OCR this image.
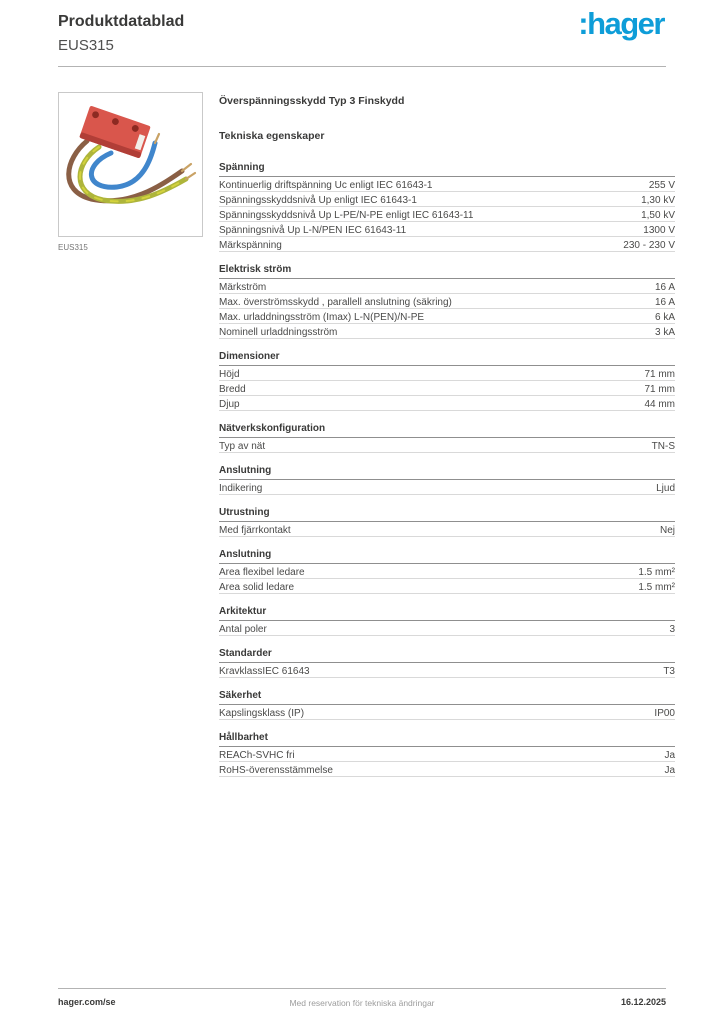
Produktdatablad
EUS315
:hager
EUS315
Överspänningsskydd Typ 3 Finskydd
Tekniska egenskaper
Spänning
Kontinuerlig driftspänning Uc enligt IEC 61643-1	255 V
Spänningsskyddsnivå Up enligt IEC 61643-1	1,30 kV
Spänningsskyddsnivå Up L-PE/N-PE enligt IEC 61643-11	1,50 kV
Spänningsnivå Up L-N/PEN IEC 61643-11	1300 V
Märkspänning	230 - 230 V
Elektrisk ström
Märkström	16 A
Max. överströmsskydd , parallell anslutning (säkring)	16 A
Max. urladdningsström (Imax) L-N(PEN)/N-PE	6 kA
Nominell urladdningsström	3 kA
Dimensioner
Höjd	71 mm
Bredd	71 mm
Djup	44 mm
Nätverkskonfiguration
Typ av nät	TN-S
Anslutning
Indikering	Ljud
Utrustning
Med fjärrkontakt	Nej
Anslutning
Area flexibel ledare	1.5 mm²
Area solid ledare	1.5 mm²
Arkitektur
Antal poler	3
Standarder
KravklassIEC 61643	T3
Säkerhet
Kapslingsklass (IP)	IP00
Hållbarhet
REACh-SVHC fri	Ja
RoHS-överensstämmelse	Ja
hager.com/se	Med reservation för tekniska ändringar	16.12.2025
